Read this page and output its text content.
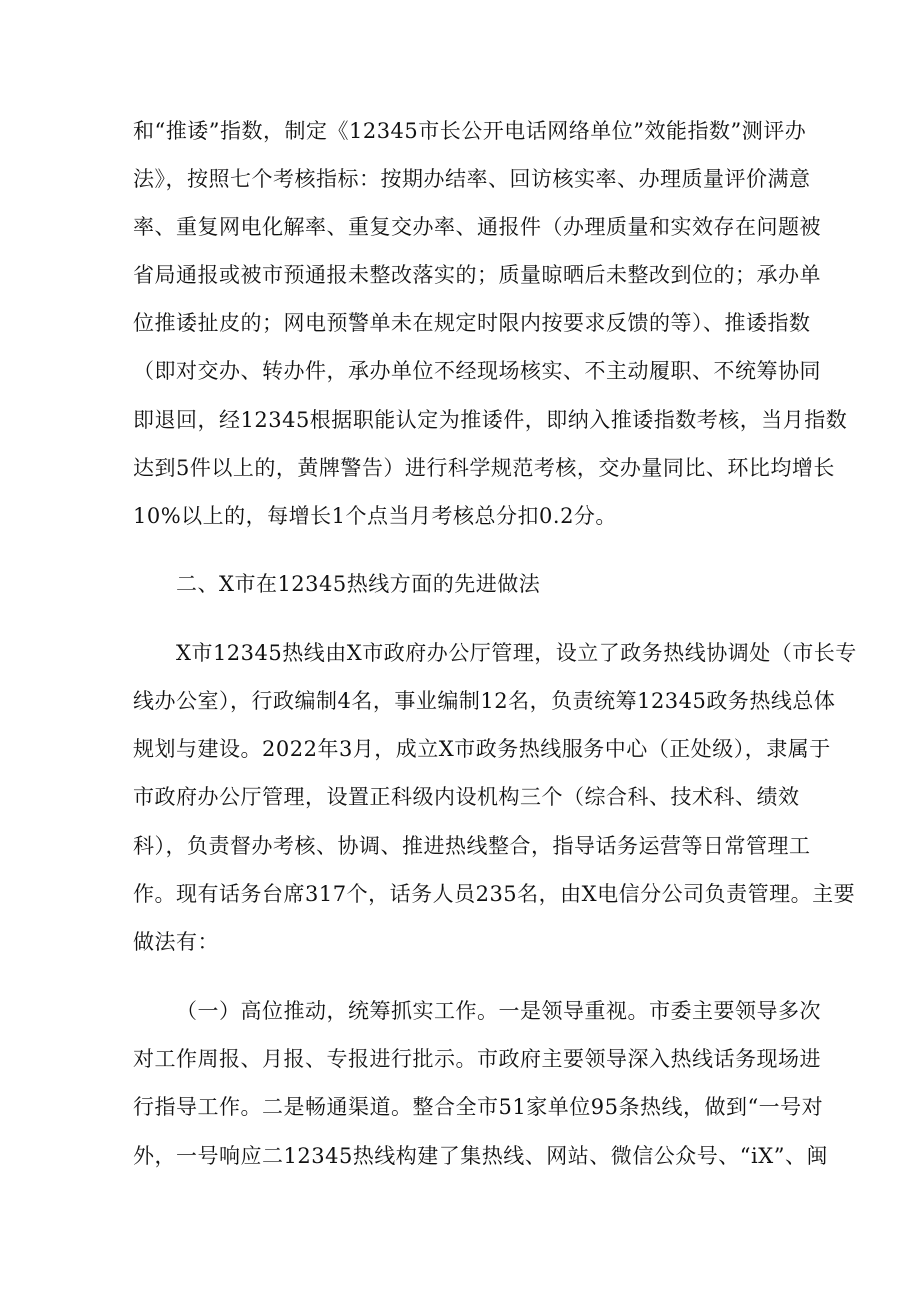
和“推诿”指数，制定《12345市长公开电话网络单位”效能指数”测评办
法》，按照七个考核指标：按期办结率、回访核实率、办理质量评价满意
率、重复网电化解率、重复交办率、通报件（办理质量和实效存在问题被
省局通报或被市预通报未整改落实的；质量晾晒后未整改到位的；承办单
位推诿扯皮的；网电预警单未在规定时限内按要求反馈的等）、推诿指数
（即对交办、转办件，承办单位不经现场核实、不主动履职、不统筹协同
即退回，经12345根据职能认定为推诿件，即纳入推诿指数考核，当月指数
达到5件以上的，黄牌警告）进行科学规范考核，交办量同比、环比均增长
10%以上的，每增长1个点当月考核总分扣0.2分。
二、X市在12345热线方面的先进做法
X市12345热线由X市政府办公厅管理，设立了政务热线协调处（市长专
线办公室），行政编制4名，事业编制12名，负责统筹12345政务热线总体
规划与建设。2022年3月，成立X市政务热线服务中心（正处级），隶属于
市政府办公厅管理，设置正科级内设机构三个（综合科、技术科、绩效
科），负责督办考核、协调、推进热线整合，指导话务运营等日常管理工
作。现有话务台席317个，话务人员235名，由X电信分公司负责管理。主要
做法有：
（一）高位推动，统筹抓实工作。一是领导重视。市委主要领导多次
对工作周报、月报、专报进行批示。市政府主要领导深入热线话务现场进
行指导工作。二是畅通渠道。整合全市51家单位95条热线，做到“一号对
外，一号响应二12345热线构建了集热线、网站、微信公众号、“iX”、闽
